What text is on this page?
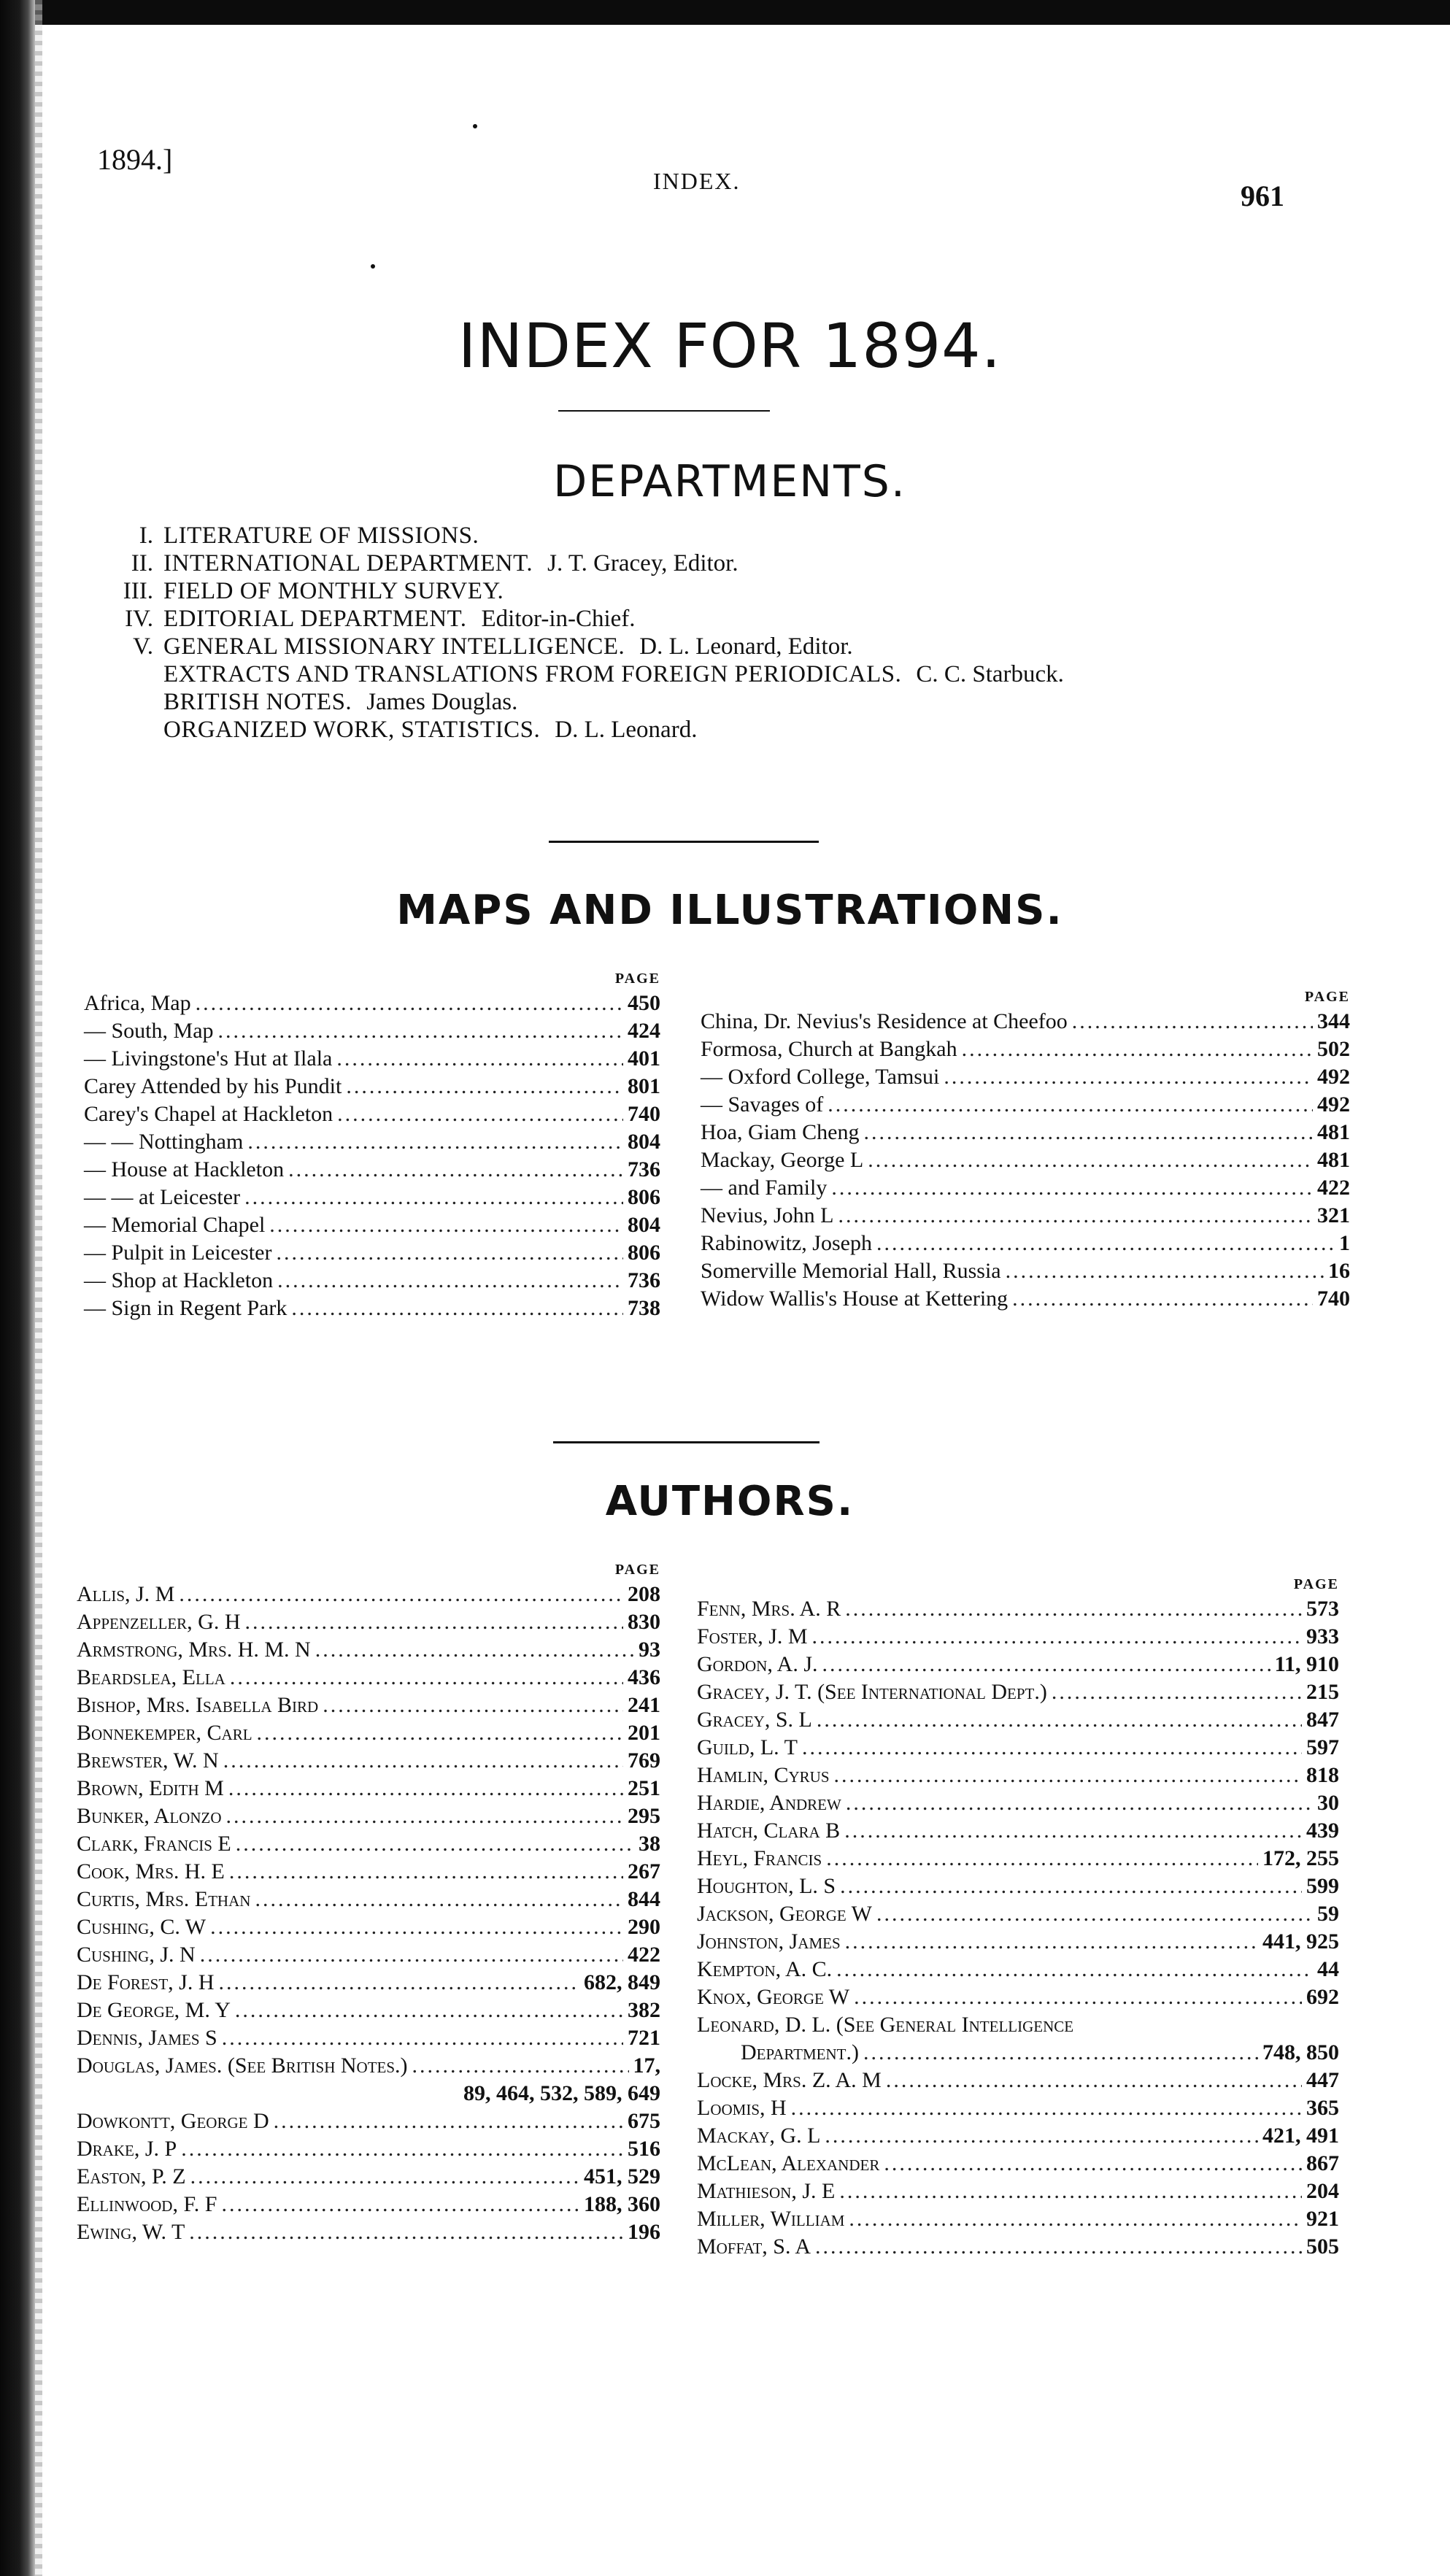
1894.]
INDEX.	961
INDEX FOR 1894.
DEPARTMENTS.
I. LITERATURE OF MISSIONS.
II. INTERNATIONAL DEPARTMENT. J. T. Gracey, Editor.
III. FIELD OF MONTHLY SURVEY.
IV. EDITORIAL DEPARTMENT. Editor-in-Chief.
V. GENERAL MISSIONARY INTELLIGENCE. D. L. Leonard, Editor.
EXTRACTS AND TRANSLATIONS FROM FOREIGN PERIODICALS. C. C. Starbuck.
BRITISH NOTES. James Douglas.
ORGANIZED WORK, STATISTICS. D. L. Leonard.
MAPS AND ILLUSTRATIONS.
PAGE
Africa, Map .....	450
— South, Map .....	424
— Livingstone's Hut at Ilala .....	401
Carey Attended by his Pundit .....	801
Carey's Chapel at Hackleton .....	740
— — Nottingham .....	804
— House at Hackleton .....	736
— — at Leicester .....	806
— Memorial Chapel .....	804
— Pulpit in Leicester .....	806
— Shop at Hackleton .....	736
— Sign in Regent Park .....	738
PAGE
China, Dr. Nevius's Residence at Cheefoo .....	344
Formosa, Church at Bangkah .....	502
— Oxford College, Tamsui .....	492
— Savages of .....	492
Hoa, Giam Cheng .....	481
Mackay, George L .....	481
— and Family .....	422
Nevius, John L .....	321
Rabinowitz, Joseph .....	1
Somerville Memorial Hall, Russia .....	16
Widow Wallis's House at Kettering .....	740
AUTHORS.
PAGE
Allis, J. M .....	208
Appenzeller, G. H .....	830
Armstrong, Mrs. H. M. N .....	93
Beardslea, Ella .....	436
Bishop, Mrs. Isabella Bird .....	241
Bonnekemper, Carl .....	201
Brewster, W. N .....	769
Brown, Edith M .....	251
Bunker, Alonzo .....	295
Clark, Francis E .....	38
Cook, Mrs. H. E .....	267
Curtis, Mrs. Ethan .....	844
Cushing, C. W .....	290
Cushing, J. N .....	422
De Forest, J. H .....	682, 849
De George, M. Y .....	382
Dennis, James S .....	721
Douglas, James. (See British Notes.) .....	17,
89, 464, 532, 589, 649
Dowkontt, George D .....	675
Drake, J. P .....	516
Easton, P. Z .....	451, 529
Ellinwood, F. F .....	188, 360
Ewing, W. T .....	196
PAGE
Fenn, Mrs. A. R .....	573
Foster, J. M .....	933
Gordon, A. J. .....	11, 910
Gracey, J. T. (See International Dept.) .....	215
Gracey, S. L .....	847
Guild, L. T .....	597
Hamlin, Cyrus .....	818
Hardie, Andrew .....	30
Hatch, Clara B .....	439
Heyl, Francis .....	172, 255
Houghton, L. S .....	599
Jackson, George W .....	59
Johnston, James .....	441, 925
Kempton, A. C. .....	44
Knox, George W .....	692
Leonard, D. L. (See General Intelligence
Department.) .....	748, 850
Locke, Mrs. Z. A. M .....	447
Loomis, H .....	365
Mackay, G. L .....	421, 491
McLean, Alexander .....	867
Mathieson, J. E .....	204
Miller, William .....	921
Moffat, S. A .....	505
